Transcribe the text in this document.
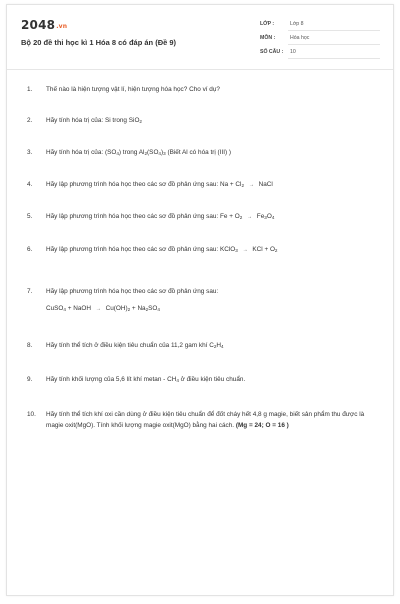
2048.vn
Bộ 20 đề thi học kì 1 Hóa 8 có đáp án (Đề 9)
LỚP :	Lớp 8
MÔN :	Hóa học
SỐ CÂU : 10
1. Thế nào là hiện tượng vật lí, hiện tượng hóa học? Cho ví dụ?
2. Hãy tính hóa trị của: Si trong SiO$_2$
3. Hãy tính hóa trị của: $(SO_4)$ trong $Al_2(SO_4)_3$ (Biết Al có hóa trị (III) )
4. Hãy lập phương trình hóa học theo các sơ đồ phản ứng sau: $Na + Cl_2$ → NaCl
5. Hãy lập phương trình hóa học theo các sơ đồ phản ứng sau: $Fe + O_2 \to Fe_3O_4$
6. Hãy lập phương trình hóa học theo các sơ đồ phản ứng sau: KClO$_3$ → KCl + $O_2$
7. Hãy lập phương trình hóa học theo các sơ đồ phản ứng sau:
CuSO$_4$ + NaOH → $Cu(OH)_2 + Na_2SO_4$
8. Hãy tính thể tích ở điều kiện tiêu chuẩn của 11,2 gam khí $C_2H_4$
9. Hãy tính khối lượng của 5,6 lít khí metan - $CH_4$ ở điều kiện tiêu chuẩn.
10. Hãy tính thể tích khí oxi cần dùng ở điều kiện tiêu chuẩn để đốt cháy hết 4,8 g magie, biết sản phẩm thu được là magie oxit(MgO). Tính khối lượng magie oxit(MgO) bằng hai cách. (Mg = 24; O = 16 )
